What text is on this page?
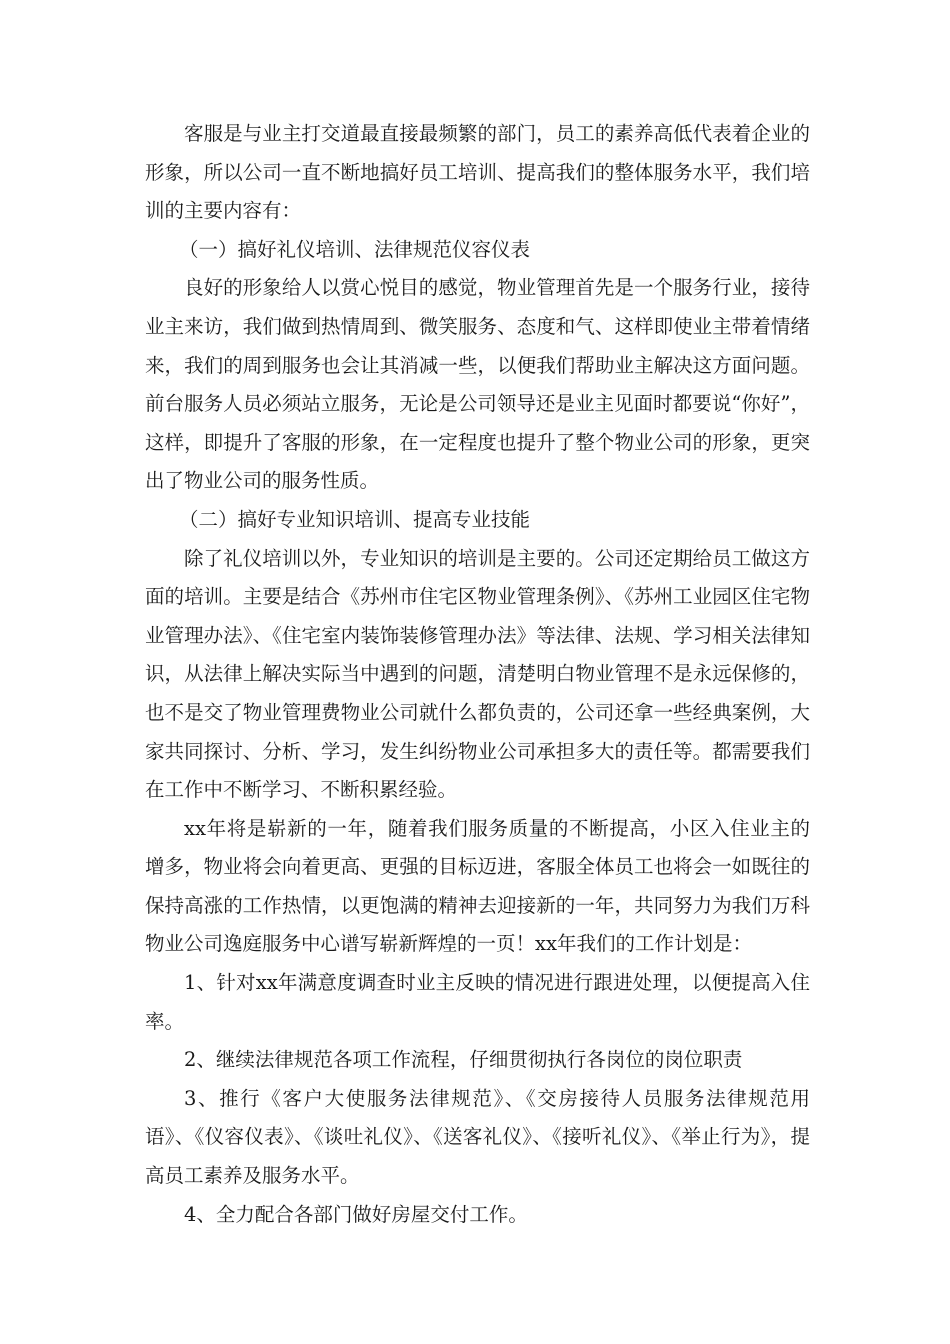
客服是与业主打交道最直接最频繁的部门，员工的素养高低代表着企业的形象，所以公司一直不断地搞好员工培训、提高我们的整体服务水平，我们培训的主要内容有：

（一）搞好礼仪培训、法律规范仪容仪表

良好的形象给人以赏心悦目的感觉，物业管理首先是一个服务行业，接待业主来访，我们做到热情周到、微笑服务、态度和气、这样即使业主带着情绪来，我们的周到服务也会让其消减一些，以便我们帮助业主解决这方面问题。前台服务人员必须站立服务，无论是公司领导还是业主见面时都要说“你好”，这样，即提升了客服的形象，在一定程度也提升了整个物业公司的形象，更突出了物业公司的服务性质。

（二）搞好专业知识培训、提高专业技能

除了礼仪培训以外，专业知识的培训是主要的。公司还定期给员工做这方面的培训。主要是结合《苏州市住宅区物业管理条例》、《苏州工业园区住宅物业管理办法》、《住宅室内装饰装修管理办法》等法律、法规、学习相关法律知识，从法律上解决实际当中遇到的问题，清楚明白物业管理不是永远保修的，也不是交了物业管理费物业公司就什么都负责的，公司还拿一些经典案例，大家共同探讨、分析、学习，发生纠纷物业公司承担多大的责任等。都需要我们在工作中不断学习、不断积累经验。

xx年将是崭新的一年，随着我们服务质量的不断提高，小区入住业主的增多，物业将会向着更高、更强的目标迈进，客服全体员工也将会一如既往的保持高涨的工作热情，以更饱满的精神去迎接新的一年，共同努力为我们万科物业公司逸庭服务中心谱写崭新辉煌的一页！xx年我们的工作计划是：

1、针对xx年满意度调查时业主反映的情况进行跟进处理，以便提高入住率。

2、继续法律规范各项工作流程，仔细贯彻执行各岗位的岗位职责

3、推行《客户大使服务法律规范》、《交房接待人员服务法律规范用语》、《仪容仪表》、《谈吐礼仪》、《送客礼仪》、《接听礼仪》、《举止行为》，提高员工素养及服务水平。

4、全力配合各部门做好房屋交付工作。
